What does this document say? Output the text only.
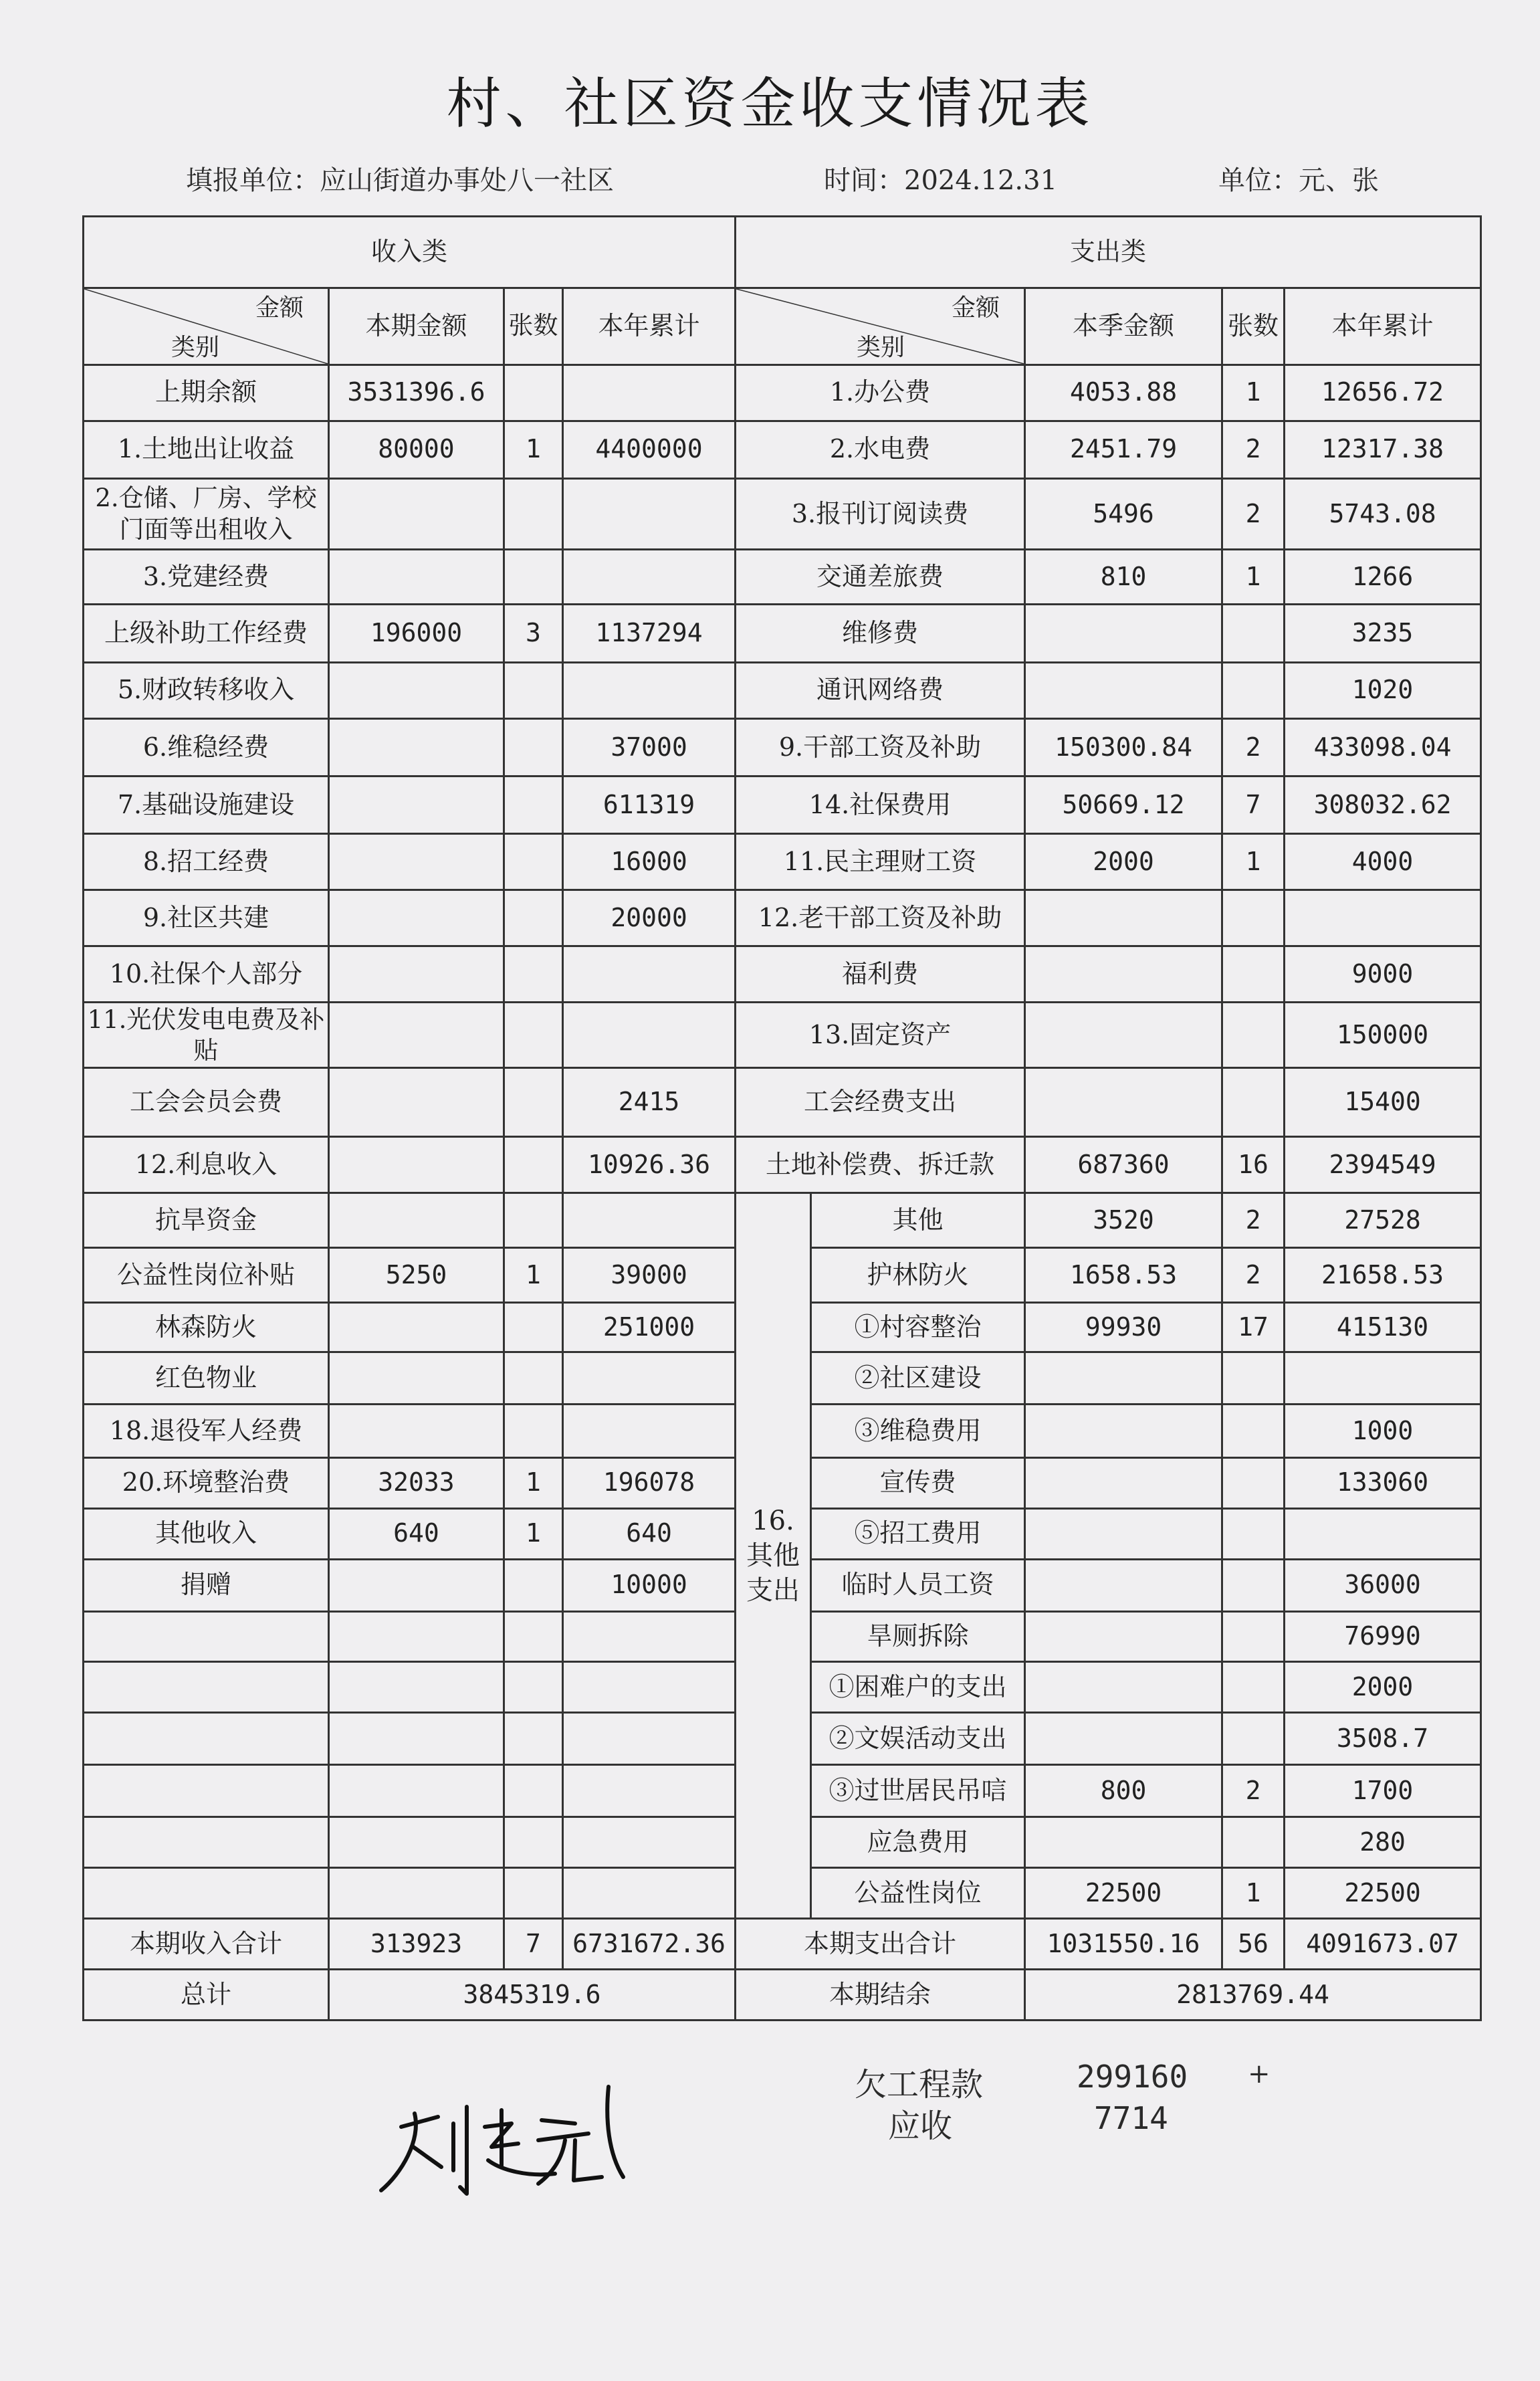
村、社区资金收支情况表
填报单位：应山街道办事处八一社区	时间：2024.12.31	单位：元、张
收入类				支出类				

金额
类别	本期金额	张数	本年累计	金额
类别		本季金额	张数	本年累计
上期余额	3531396.6			1.办公费		4053.88	1	12656.72
1.土地出让收益	80000	1	4400000	2.水电费		2451.79	2	12317.38
2.仓储、厂房、学校门面等出租收入				3.报刊订阅读费		5496	2	5743.08
3.党建经费				交通差旅费		810	1	1266
上级补助工作经费	196000	3	1137294	维修费				3235
5.财政转移收入				通讯网络费				1020
6.维稳经费			37000	9.干部工资及补助		150300.84	2	433098.04
7.基础设施建设			611319	14.社保费用		50669.12	7	308032.62
8.招工经费			16000	11.民主理财工资		2000	1	4000
9.社区共建			20000	12.老干部工资及补助				
10.社保个人部分				福利费				9000
11.光伏发电电费及补贴				13.固定资产				150000
工会会员会费			2415	工会经费支出				15400
12.利息收入			10926.36	土地补偿费、拆迁款		687360	16	2394549
抗旱资金				16.其他支出	其他	3520	2	27528
公益性岗位补贴	5250	1	39000		护林防火	1658.53	2	21658.53
林森防火			251000		①村容整治	99930	17	415130
红色物业					②社区建设			
18.退役军人经费					③维稳费用			1000
20.环境整治费	32033	1	196078		宣传费			133060
其他收入	640	1	640		⑤招工费用			
捐赠			10000		临时人员工资			36000
					旱厕拆除			76990
					①困难户的支出			2000
					②文娱活动支出			3508.7
					③过世居民吊唁	800	2	1700
					应急费用			280
					公益性岗位	22500	1	22500
本期收入合计	313923	7	6731672.36	本期支出合计		1031550.16	56	4091673.07
总计	3845319.6			本期结余		2813769.44		
欠工程款	299160 +
应收	7714
